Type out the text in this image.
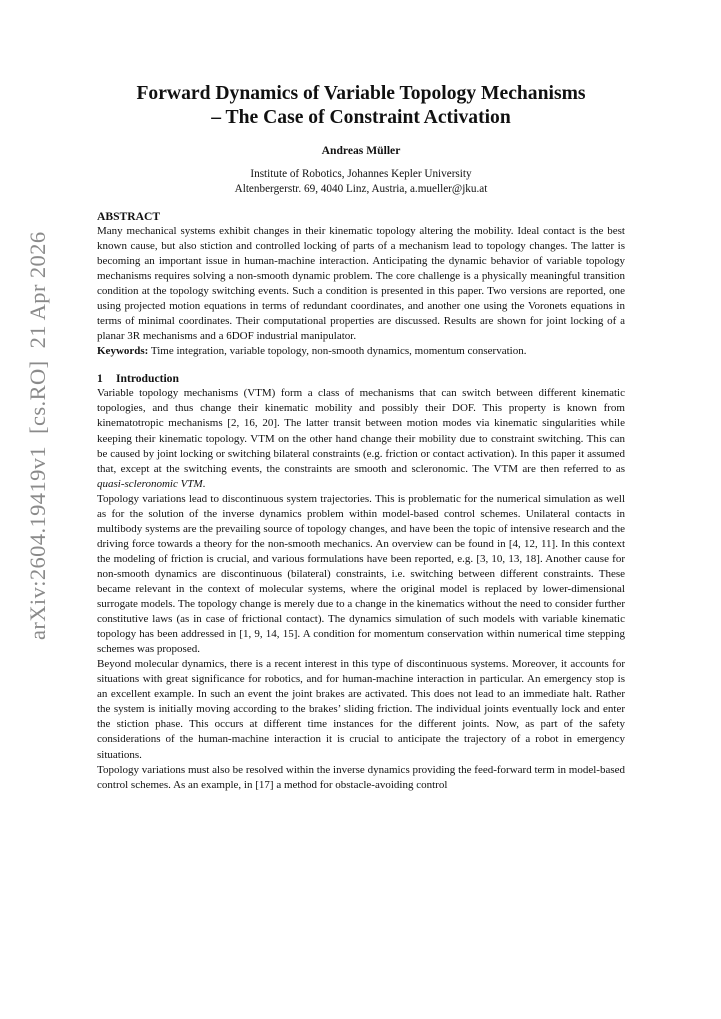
arXiv:2604.19419v1  [cs.RO]  21 Apr 2026
Forward Dynamics of Variable Topology Mechanisms
– The Case of Constraint Activation
Andreas Müller
Institute of Robotics, Johannes Kepler University
Altenbergerstr. 69, 4040 Linz, Austria, a.mueller@jku.at
ABSTRACT

Many mechanical systems exhibit changes in their kinematic topology altering the mobility. Ideal contact is the best known cause, but also stiction and controlled locking of parts of a mechanism lead to topology changes. The latter is becoming an important issue in human-machine interaction. Anticipating the dynamic behavior of variable topology mechanisms requires solving a non-smooth dynamic problem. The core challenge is a physically meaningful transition condition at the topology switching events. Such a condition is presented in this paper. Two versions are reported, one using projected motion equations in terms of redundant coordinates, and another one using the Voronets equations in terms of minimal coordinates. Their computational properties are discussed. Results are shown for joint locking of a planar 3R mechanisms and a 6DOF industrial manipulator.

Keywords: Time integration, variable topology, non-smooth dynamics, momentum conservation.

1 Introduction

Variable topology mechanisms (VTM) form a class of mechanisms that can switch between different kinematic topologies, and thus change their kinematic mobility and possibly their DOF. This property is known from kinematotropic mechanisms [2, 16, 20]. The latter transit between motion modes via kinematic singularities while keeping their kinematic topology. VTM on the other hand change their mobility due to constraint switching. This can be caused by joint locking or switching bilateral constraints (e.g. friction or contact activation). In this paper it assumed that, except at the switching events, the constraints are smooth and scleronomic. The VTM are then referred to as quasi-scleronomic VTM.

Topology variations lead to discontinuous system trajectories. This is problematic for the numerical simulation as well as for the solution of the inverse dynamics problem within model-based control schemes. Unilateral contacts in multibody systems are the prevailing source of topology changes, and have been the topic of intensive research and the driving force towards a theory for the non-smooth mechanics. An overview can be found in [4, 12, 11]. In this context the modeling of friction is crucial, and various formulations have been reported, e.g. [3, 10, 13, 18]. Another cause for non-smooth dynamics are discontinuous (bilateral) constraints, i.e. switching between different constraints. These became relevant in the context of molecular systems, where the original model is replaced by lower-dimensional surrogate models. The topology change is merely due to a change in the kinematics without the need to consider further constitutive laws (as in case of frictional contact). The dynamics simulation of such models with variable kinematic topology has been addressed in [1, 9, 14, 15]. A condition for momentum conservation within numerical time stepping schemes was proposed.

Beyond molecular dynamics, there is a recent interest in this type of discontinuous systems. Moreover, it accounts for situations with great significance for robotics, and for human-machine interaction in particular. An emergency stop is an excellent example. In such an event the joint brakes are activated. This does not lead to an immediate halt. Rather the system is initially moving according to the brakes’ sliding friction. The individual joints eventually lock and enter the stiction phase. This occurs at different time instances for the different joints. Now, as part of the safety considerations of the human-machine interaction it is crucial to anticipate the trajectory of a robot in emergency situations.

Topology variations must also be resolved within the inverse dynamics providing the feed-forward term in model-based control schemes. As an example, in [17] a method for obstacle-avoiding control
